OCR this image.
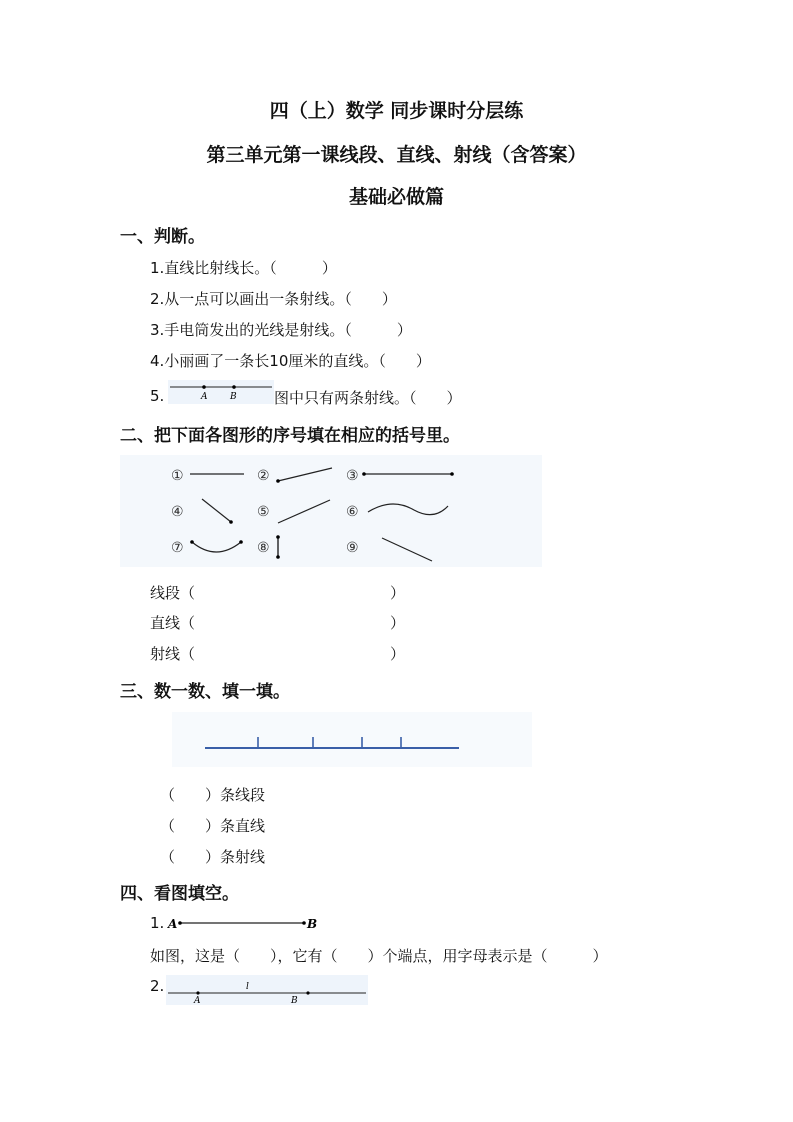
四（上）数学 同步课时分层练
第三单元第一课线段、直线、射线（含答案）
基础必做篇
一、判断。
1.直线比射线长。（　　　）
2.从一点可以画出一条射线。（　　）
3.手电筒发出的光线是射线。（　　　）
4.小丽画了一条长10厘米的直线。（　　）
5.	A	B 图中只有两条射线。（　　）
二、把下面各图形的序号填在相应的括号里。
①	②	③
④	⑤	⑥
⑦	⑧	⑨
线段（　　　　　　　　　　　　　）
直线（　　　　　　　　　　　　　）
射线（　　　　　　　　　　　　　）
三、数一数、填一填。
（　　）条线段
（　　）条直线
（　　）条射线
四、看图填空。
1. A	B
如图，这是（　　），它有（　　）个端点，用字母表示是（　　　）
2.
A
l
B
